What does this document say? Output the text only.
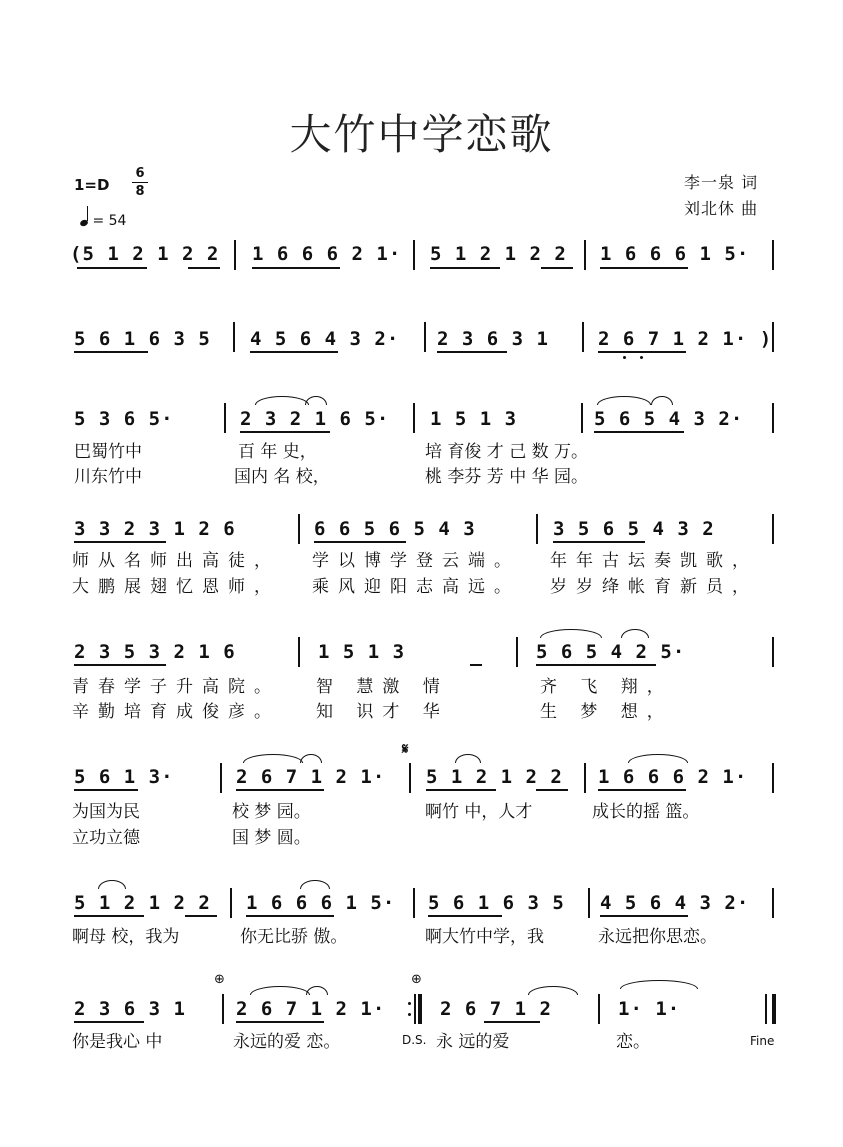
大竹中学恋歌
1=D
6
8
= 54
李一泉 词
刘北休 曲
(5 1 2 1 2 2 1 6 6 6 2 1· 5 1 2 1 2 2 1 6 6 6 1 5·
5 6 1 6 3 5 4 5 6 4 3 2· 2 3 6 3 1	2 6 7 1 2 1· )
5 3 6 5·	2 3 2 1 6 5· 1 5 1 3	5 6 5 4 3 2·
巴蜀竹中	百 年 史，	培 育俊 才 己 数 万。
川东竹中	国内 名 校，	桃 李芬 芳 中 华 园。
3 3 2 3 1 2 6	6 6 5 6 5 4 3	3 5 6 5 4 3 2
师从名师出高徒， 学以博学登云端。 年年古坛奏凯歌，
大鹏展翅忆恩师， 乘风迎阳志高远。 岁岁绛帐育新员，
2 3 5 3 2 1 6	1 5 1 3	5 6 5 4 2 5·
青春学子升高院。 智 慧激 情	齐 飞 翔，
辛勤培育成俊彦。 知 识才 华	生 梦 想，
𝄋
5 6 1 3·	2 6 7 1 2 1· 5 1 2 1 2 2 1 6 6 6 2 1·
为国为民	校 梦 园。	啊竹 中，人才	成长的摇 篮。
立功立德	国 梦 圆。
5 1 2 1 2 2 1 6 6 6 1 5· 5 6 1 6 3 5 4 5 6 4 3 2·
啊母 校，我为	你无比骄 傲。	啊大竹中学，我	永远把你思恋。
⊕	⊕
2 3 6 3 1	2 6 7 1 2 1·	2 6 7 1 2	1· 1·
你是我心 中	永远的爱 恋。	D.S. 永 远的爱	恋。	Fine
